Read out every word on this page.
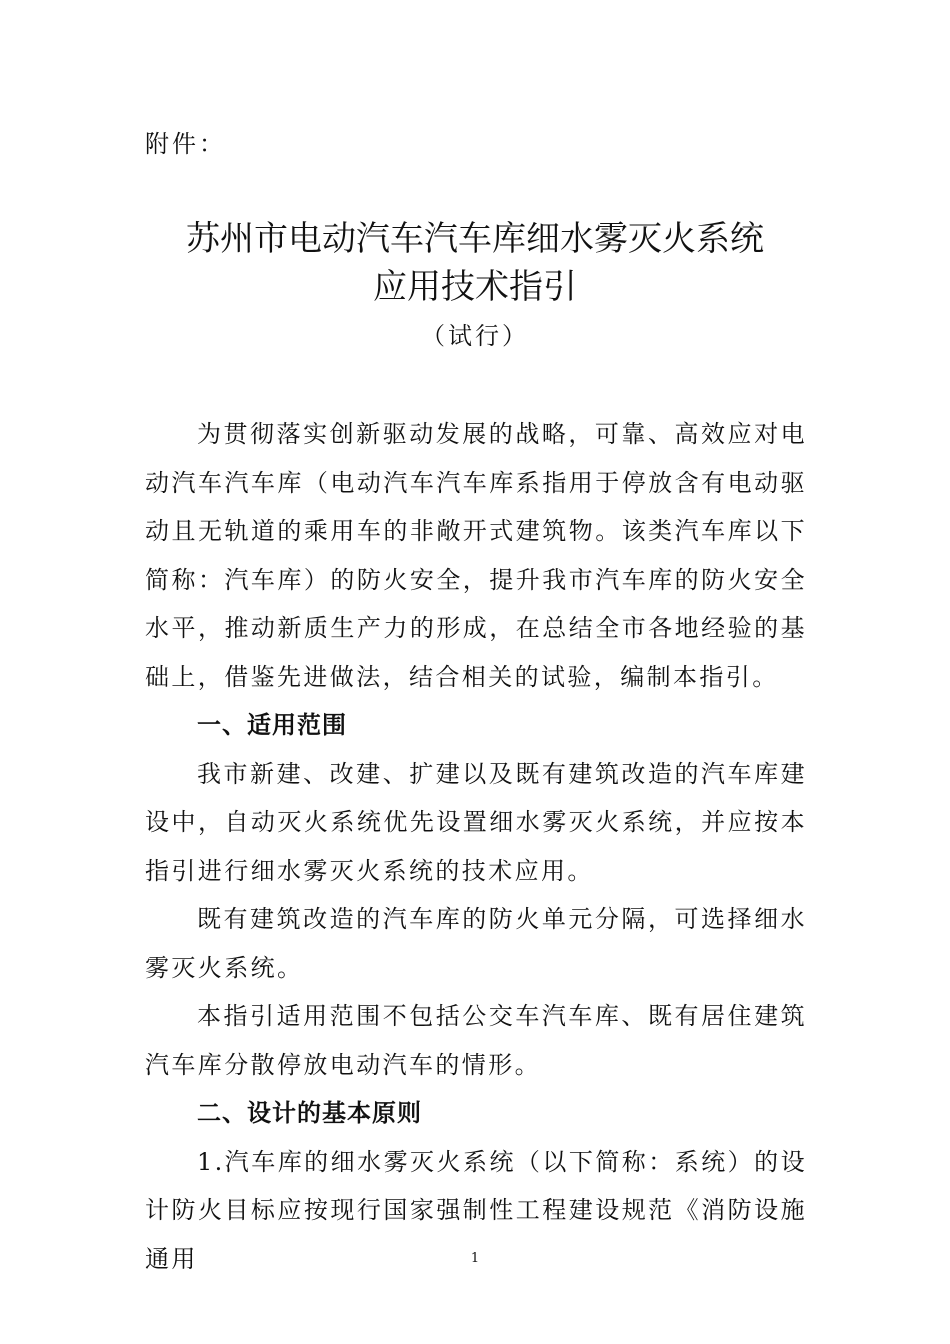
附件：
苏州市电动汽车汽车库细水雾灭火系统
应用技术指引
（试行）

为贯彻落实创新驱动发展的战略，可靠、高效应对电动汽车汽车库（电动汽车汽车库系指用于停放含有电动驱动且无轨道的乘用车的非敞开式建筑物。该类汽车库以下简称：汽车库）的防火安全，提升我市汽车库的防火安全水平，推动新质生产力的形成，在总结全市各地经验的基础上，借鉴先进做法，结合相关的试验，编制本指引。

一、适用范围

我市新建、改建、扩建以及既有建筑改造的汽车库建设中，自动灭火系统优先设置细水雾灭火系统，并应按本指引进行细水雾灭火系统的技术应用。

既有建筑改造的汽车库的防火单元分隔，可选择细水雾灭火系统。

本指引适用范围不包括公交车汽车库、既有居住建筑汽车库分散停放电动汽车的情形。

二、设计的基本原则

1.汽车库的细水雾灭火系统（以下简称：系统）的设计防火目标应按现行国家强制性工程建设规范《消防设施通用	1
